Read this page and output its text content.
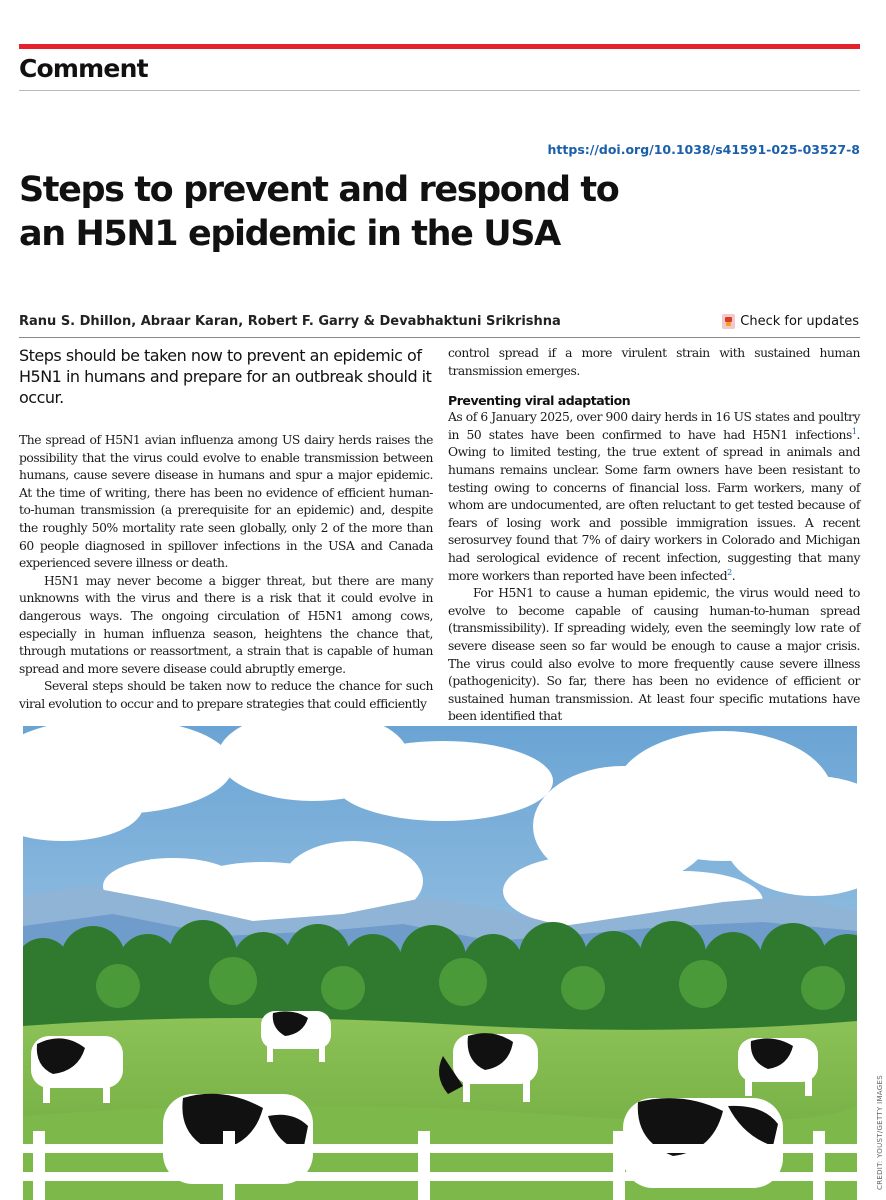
Comment
https://doi.org/10.1038/s41591-025-03527-8
Steps to prevent and respond to
an H5N1 epidemic in the USA
Ranu S. Dhillon, Abraar Karan, Robert F. Garry & Devabhaktuni Srikrishna	Check for updates

Steps should be taken now to prevent an epidemic of H5N1 in humans and prepare for an outbreak should it occur.

The spread of H5N1 avian influenza among US dairy herds raises the possibility that the virus could evolve to enable transmission between humans, cause severe disease in humans and spur a major epidemic. At the time of writing, there has been no evidence of efficient human-to-human transmission (a prerequisite for an epidemic) and, despite the roughly 50% mortality rate seen globally, only 2 of the more than 60 people diagnosed in spillover infections in the USA and Canada experienced severe illness or death.

H5N1 may never become a bigger threat, but there are many unknowns with the virus and there is a risk that it could evolve in dangerous ways. The ongoing circulation of H5N1 among cows, especially in human influenza season, heightens the chance that, through mutations or reassortment, a strain that is capable of human spread and more severe disease could abruptly emerge.

Several steps should be taken now to reduce the chance for such viral evolution to occur and to prepare strategies that could efficiently

control spread if a more virulent strain with sustained human transmission emerges.

Preventing viral adaptation

As of 6 January 2025, over 900 dairy herds in 16 US states and poultry in 50 states have been confirmed to have had H5N1 infections$^1$. Owing to limited testing, the true extent of spread in animals and humans remains unclear. Some farm owners have been resistant to testing owing to concerns of financial loss. Farm workers, many of whom are undocumented, are often reluctant to get tested because of fears of losing work and possible immigration issues. A recent serosurvey found that 7% of dairy workers in Colorado and Michigan had serological evidence of recent infection, suggesting that many more workers than reported have been infected$^2$.

For H5N1 to cause a human epidemic, the virus would need to evolve to become capable of causing human-to-human spread (transmissibility). If spreading widely, even the seemingly low rate of severe disease seen so far would be enough to cause a major crisis. The virus could also evolve to more frequently cause severe illness (pathogenicity). So far, there has been no evidence of efficient or sustained human transmission. At least four specific mutations have been identified that

CREDIT: YOUST/GETTY IMAGES
